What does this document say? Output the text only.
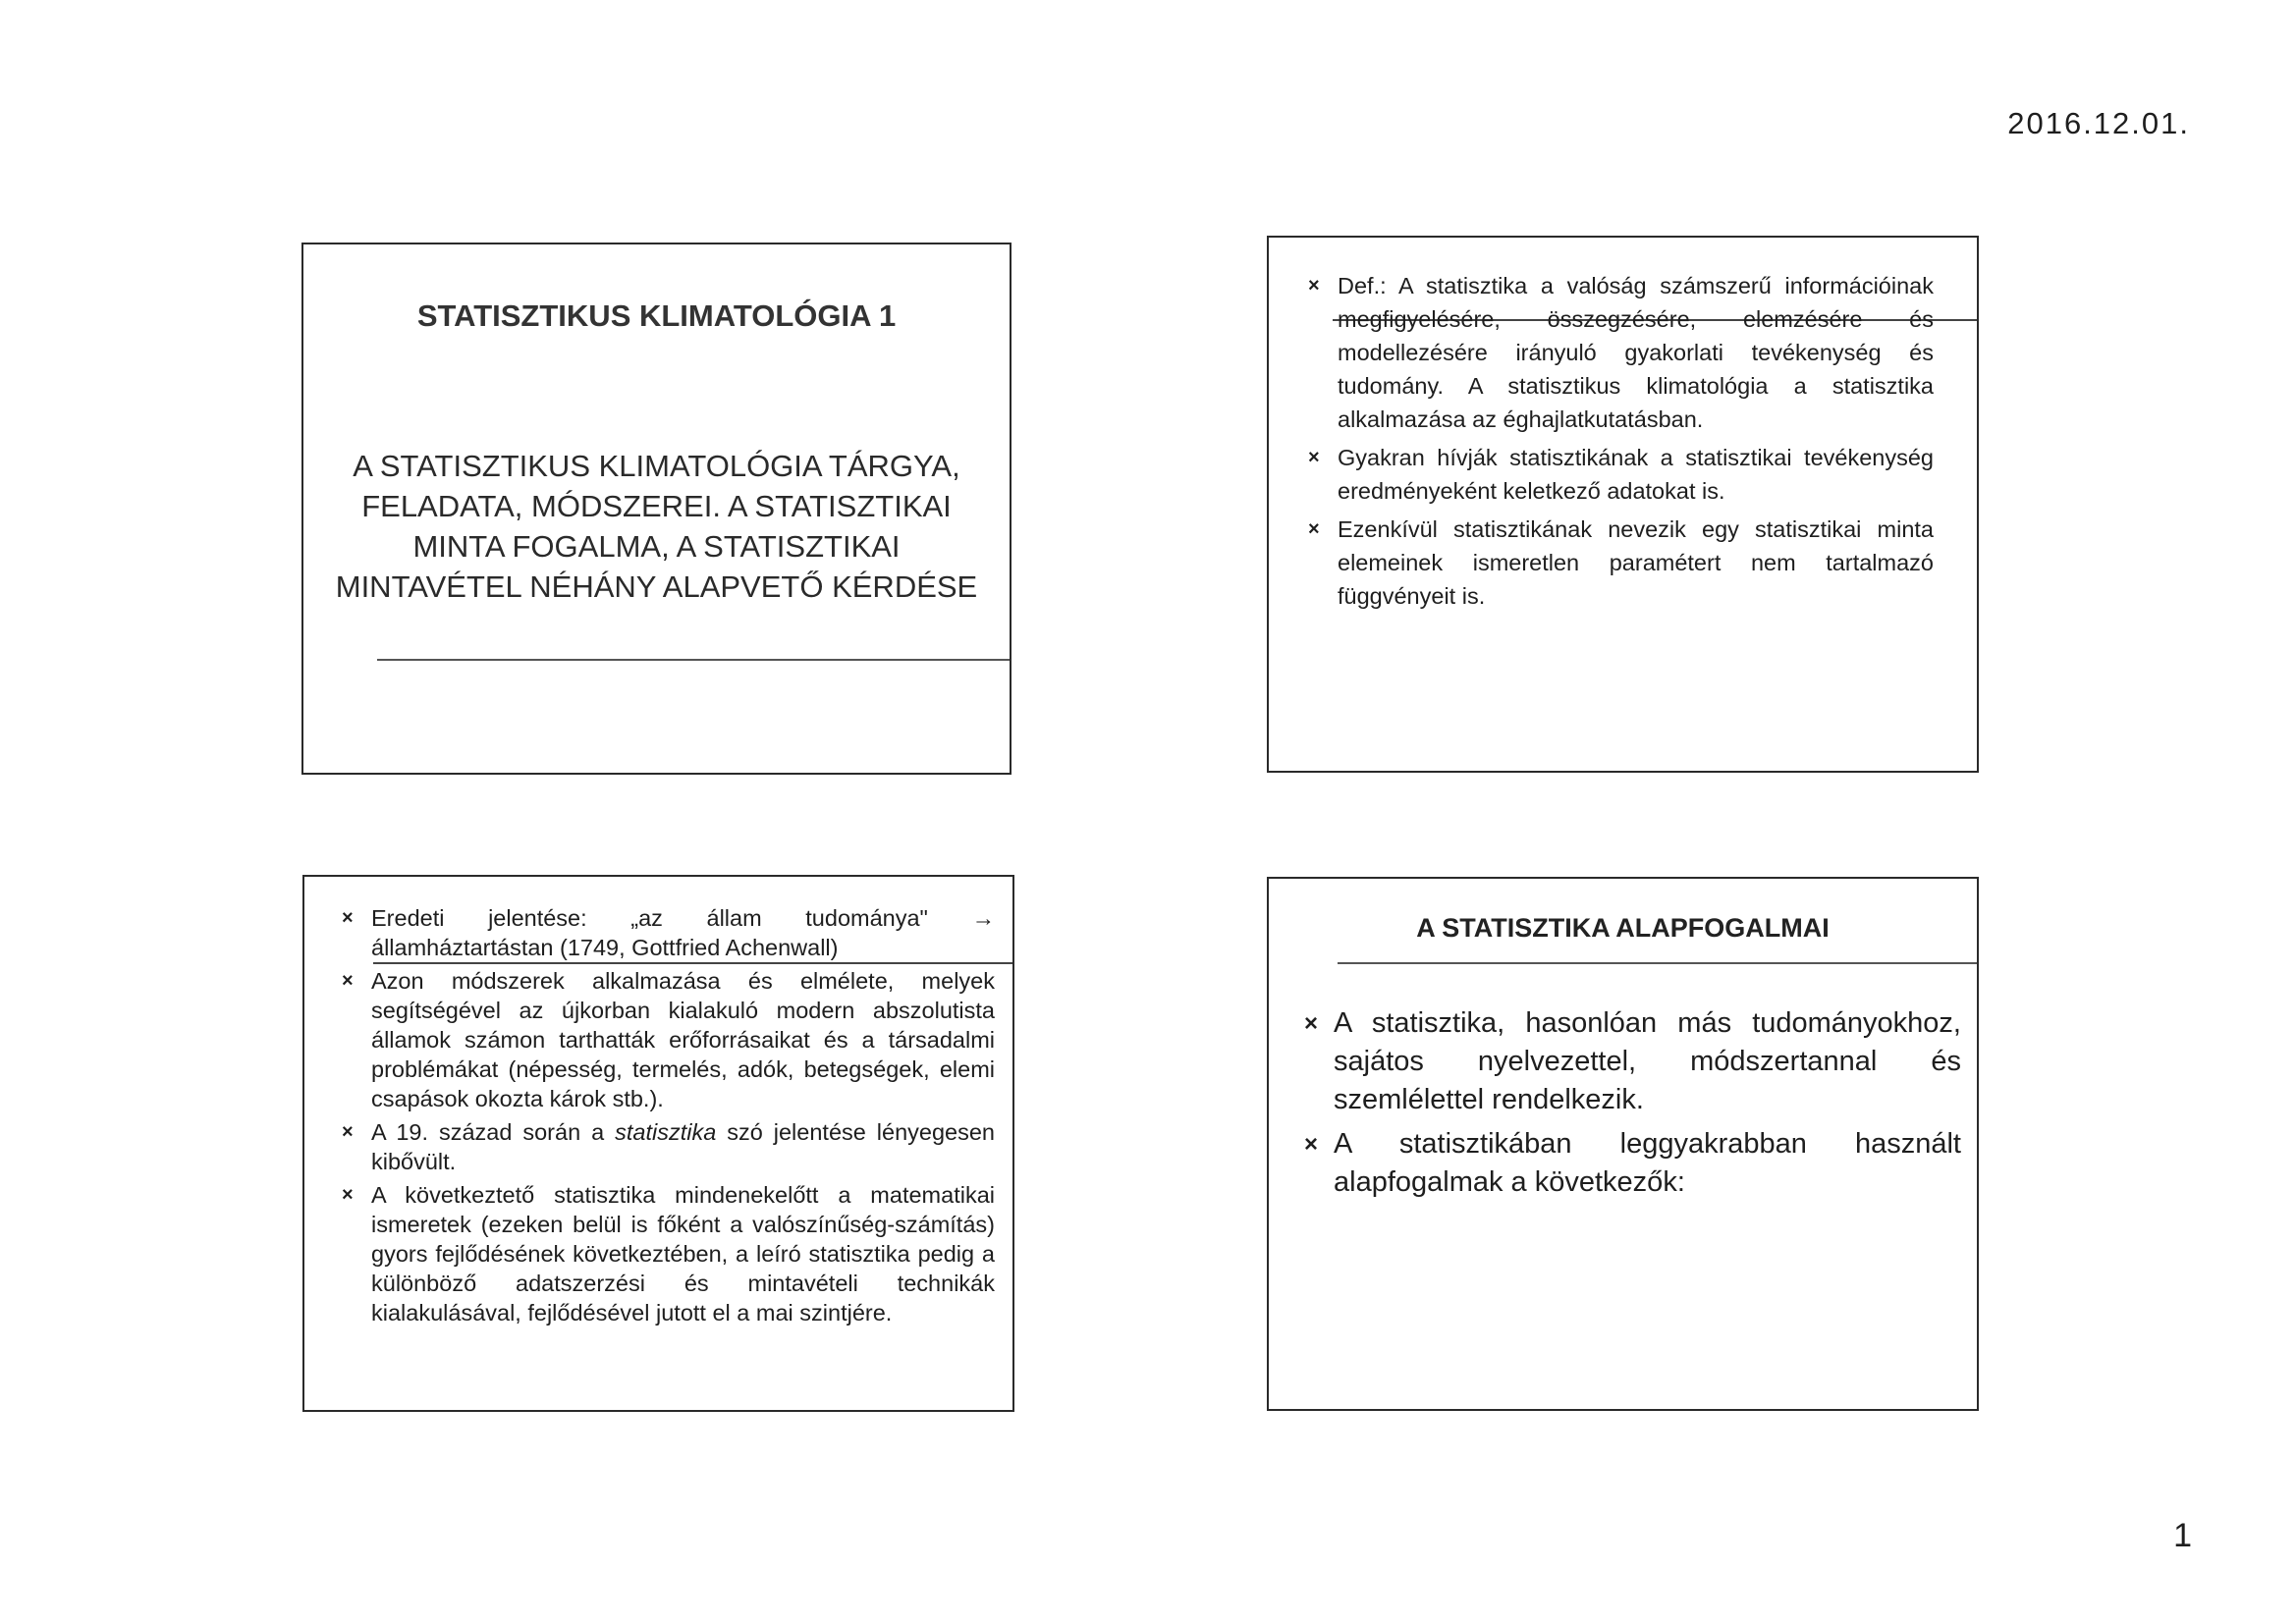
2016.12.01.
STATISZTIKUS KLIMATOLÓGIA 1
A STATISZTIKUS KLIMATOLÓGIA TÁRGYA, FELADATA, MÓDSZEREI. A STATISZTIKAI MINTA FOGALMA, A STATISZTIKAI MINTAVÉTEL NÉHÁNY ALAPVETŐ KÉRDÉSE
× Def.: A statisztika a valóság számszerű információinak megfigyelésére, összegzésére, elemzésére és modellezésére irányuló gyakorlati tevékenység és tudomány. A statisztikus klimatológia a statisztika alkalmazása az éghajlatkutatásban.
× Gyakran hívják statisztikának a statisztikai tevékenység eredményeként keletkező adatokat is.
× Ezenkívül statisztikának nevezik egy statisztikai minta elemeinek ismeretlen paramétert nem tartalmazó függvényeit is.
× Eredeti jelentése: „az állam tudománya" → államháztartástan (1749, Gottfried Achenwall)
× Azon módszerek alkalmazása és elmélete, melyek segítségével az újkorban kialakuló modern abszolutista államok számon tarthatták erőforrásaikat és a társadalmi problémákat (népesség, termelés, adók, betegségek, elemi csapások okozta károk stb.).
× A 19. század során a statisztika szó jelentése lényegesen kibővült.
× A következtető statisztika mindenekelőtt a matematikai ismeretek (ezeken belül is főként a valószínűség-számítás) gyors fejlődésének következtében, a leíró statisztika pedig a különböző adatszerzési és mintavételi technikák kialakulásával, fejlődésével jutott el a mai szintjére.
A STATISZTIKA ALAPFOGALMAI
× A statisztika, hasonlóan más tudományokhoz, sajátos nyelvezettel, módszertannal és szemlélettel rendelkezik.
× A statisztikában leggyakrabban használt alapfogalmak a következők:
1
